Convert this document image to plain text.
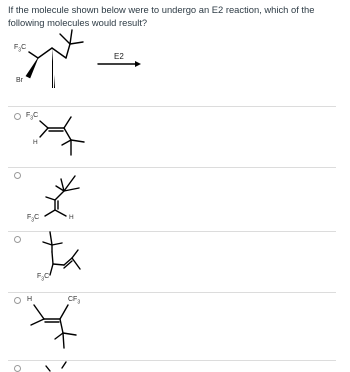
If the molecule shown below were to undergo an E2 reaction, which of the following molecules would result?
$F_3C$
Br
E2
$F_3C$
H
$F_3C$	H
$F_3C$
H	$CF_3$
